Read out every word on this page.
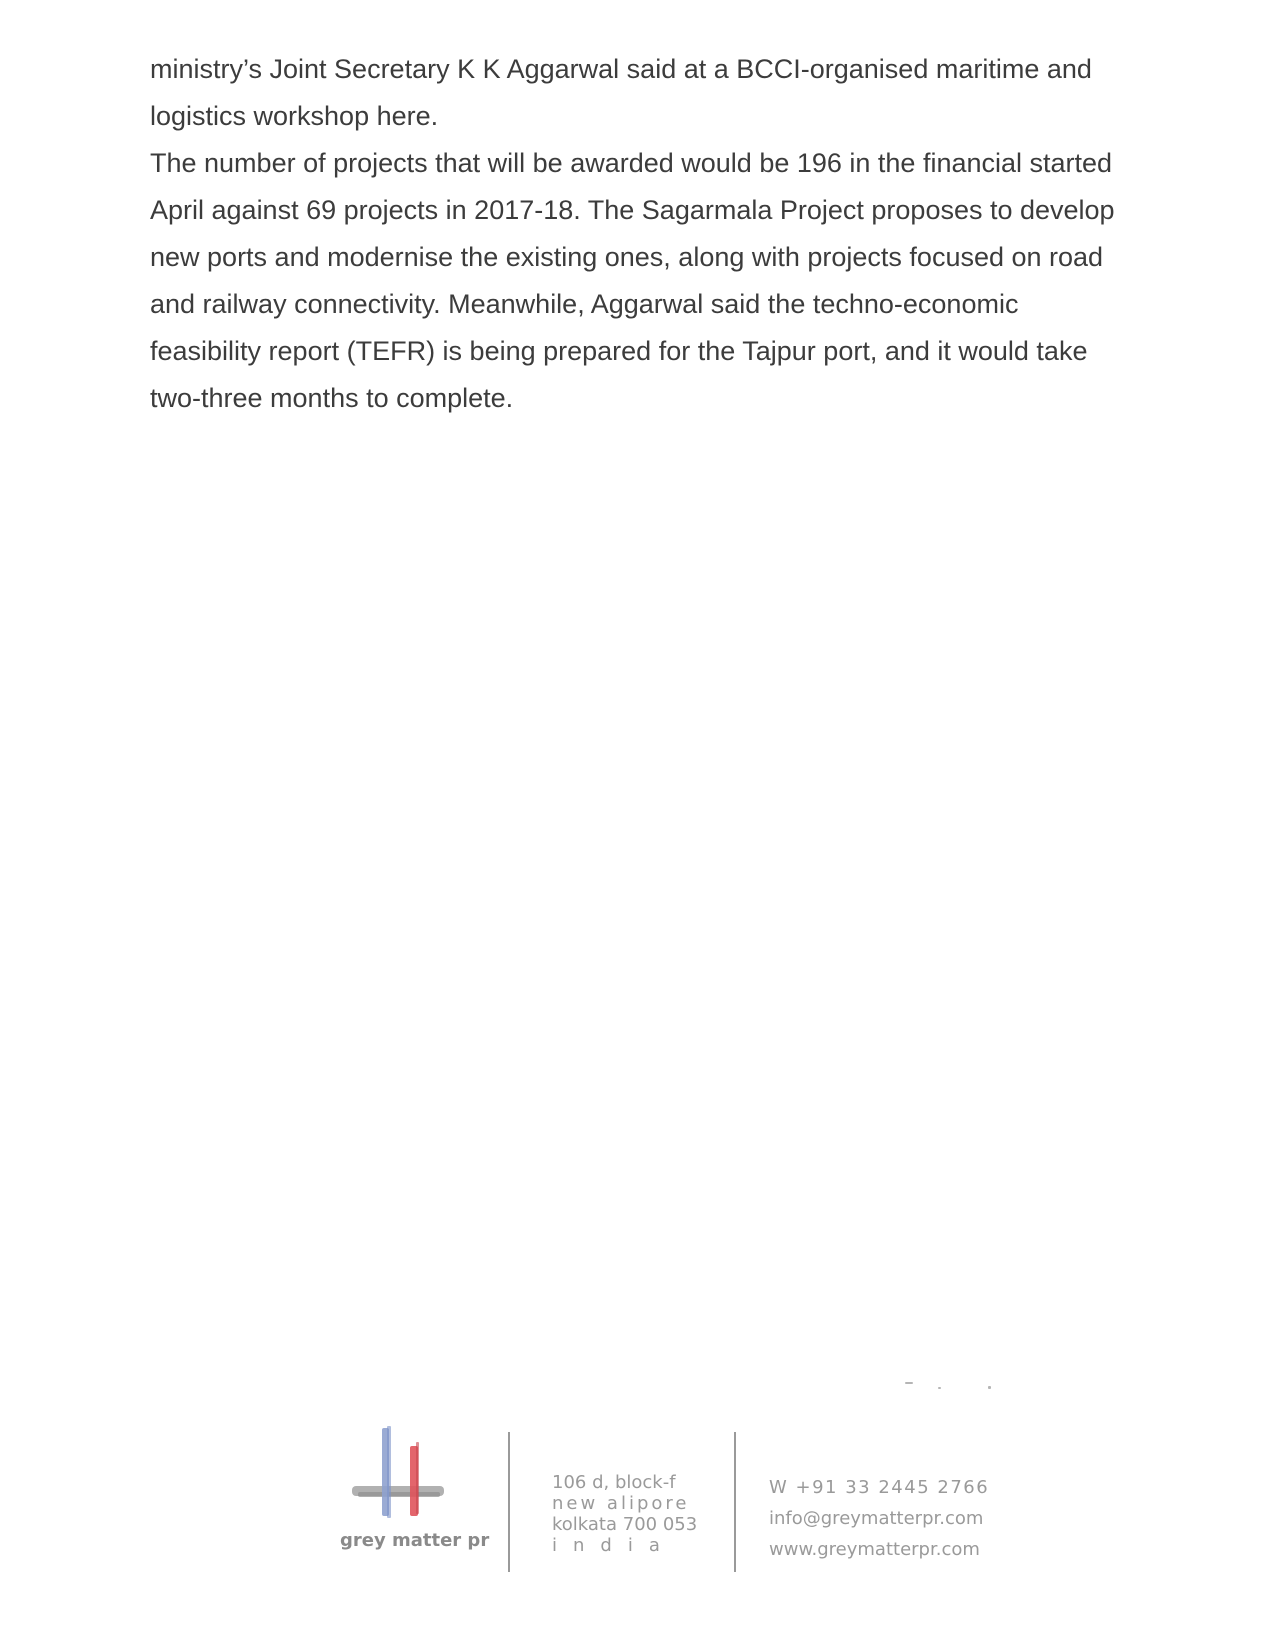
ministry’s Joint Secretary K K Aggarwal said at a BCCI-organised maritime and
logistics workshop here.
The number of projects that will be awarded would be 196 in the financial started
April against 69 projects in 2017-18. The Sagarmala Project proposes to develop
new ports and modernise the existing ones, along with projects focused on road
and railway connectivity. Meanwhile, Aggarwal said the techno-economic
feasibility report (TEFR) is being prepared for the Tajpur port, and it would take
two-three months to complete.
grey matter pr
106 d, block-f
new alipore
kolkata 700 053
india
W +91 33 2445 2766
info@greymatterpr.com
www.greymatterpr.com
